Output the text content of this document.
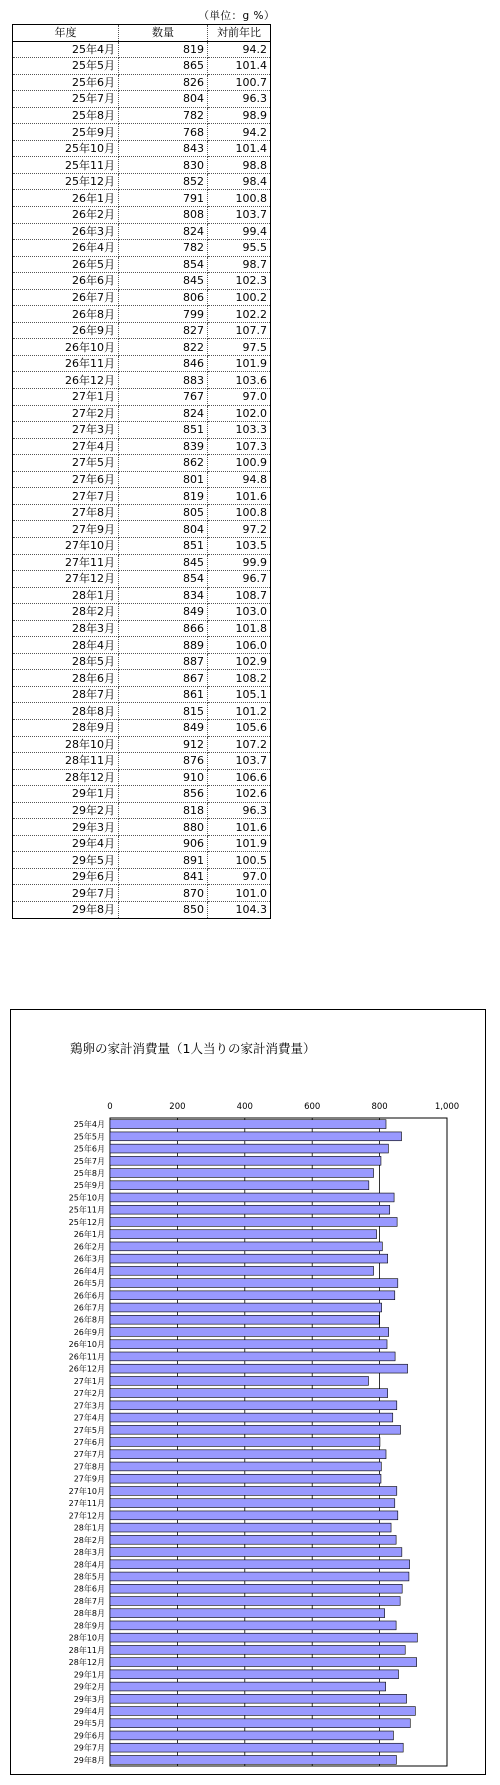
（単位：g %）
年度	数量	対前年比
25年4月	819	94.2
25年5月	865	101.4
25年6月	826	100.7
25年7月	804	96.3
25年8月	782	98.9
25年9月	768	94.2
25年10月	843	101.4
25年11月	830	98.8
25年12月	852	98.4
26年1月	791	100.8
26年2月	808	103.7
26年3月	824	99.4
26年4月	782	95.5
26年5月	854	98.7
26年6月	845	102.3
26年7月	806	100.2
26年8月	799	102.2
26年9月	827	107.7
26年10月	822	97.5
26年11月	846	101.9
26年12月	883	103.6
27年1月	767	97.0
27年2月	824	102.0
27年3月	851	103.3
27年4月	839	107.3
27年5月	862	100.9
27年6月	801	94.8
27年7月	819	101.6
27年8月	805	100.8
27年9月	804	97.2
27年10月	851	103.5
27年11月	845	99.9
27年12月	854	96.7
28年1月	834	108.7
28年2月	849	103.0
28年3月	866	101.8
28年4月	889	106.0
28年5月	887	102.9
28年6月	867	108.2
28年7月	861	105.1
28年8月	815	101.2
28年9月	849	105.6
28年10月	912	107.2
28年11月	876	103.7
28年12月	910	106.6
29年1月	856	102.6
29年2月	818	96.3
29年3月	880	101.6
29年4月	906	101.9
29年5月	891	100.5
29年6月	841	97.0
29年7月	870	101.0
29年8月	850	104.3
鶏卵の家計消費量（1人当りの家計消費量）
0	200	400	600	800	1,000
25年4月
25年5月
25年6月
25年7月
25年8月
25年9月
25年10月
25年11月
25年12月
26年1月
26年2月
26年3月
26年4月
26年5月
26年6月
26年7月
26年8月
26年9月
26年10月
26年11月
26年12月
27年1月
27年2月
27年3月
27年4月
27年5月
27年6月
27年7月
27年8月
27年9月
27年10月
27年11月
27年12月
28年1月
28年2月
28年3月
28年4月
28年5月
28年6月
28年7月
28年8月
28年9月
28年10月
28年11月
28年12月
29年1月
29年2月
29年3月
29年4月
29年5月
29年6月
29年7月
29年8月
